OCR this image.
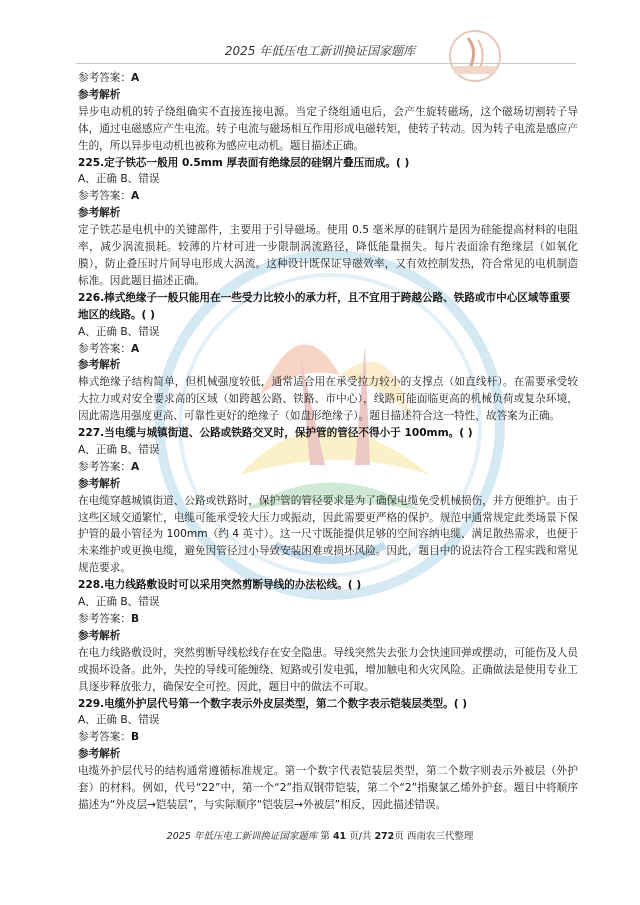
2025 年低压电工新训换证国家题库

参考答案：A

参考解析

异步电动机的转子绕组确实不直接连接电源。当定子绕组通电后，会产生旋转磁场，这个磁场切割转子导体，通过电磁感应产生电流。转子电流与磁场相互作用形成电磁转矩，使转子转动。因为转子电流是感应产生的，所以异步电动机也被称为感应电动机。题目描述正确。

225.定子铁芯一般用 0.5mm 厚表面有绝缘层的硅钢片叠压而成。( )

A、正确 B、错误

参考答案：A

参考解析

定子铁芯是电机中的关键部件，主要用于引导磁场。使用 0.5 毫米厚的硅钢片是因为硅能提高材料的电阻率，减少涡流损耗。较薄的片材可进一步限制涡流路径，降低能量损失。每片表面涂有绝缘层（如氧化膜），防止叠压时片间导电形成大涡流。这种设计既保证导磁效率，又有效控制发热，符合常见的电机制造标准。因此题目描述正确。

226.棒式绝缘子一般只能用在一些受力比较小的承力杆，且不宜用于跨越公路、铁路或市中心区域等重要地区的线路。( )

A、正确 B、错误

参考答案：A

参考解析

棒式绝缘子结构简单，但机械强度较低，通常适合用在承受拉力较小的支撑点（如直线杆）。在需要承受较大拉力或对安全要求高的区域（如跨越公路、铁路、市中心），线路可能面临更高的机械负荷或复杂环境，因此需选用强度更高、可靠性更好的绝缘子（如盘形绝缘子）。题目描述符合这一特性，故答案为正确。

227.当电缆与城镇街道、公路或铁路交叉时，保护管的管径不得小于 100mm。( )

A、正确 B、错误

参考答案：A

参考解析

在电缆穿越城镇街道、公路或铁路时，保护管的管径要求是为了确保电缆免受机械损伤，并方便维护。由于这些区域交通繁忙，电缆可能承受较大压力或振动，因此需要更严格的保护。规范中通常规定此类场景下保护管的最小管径为 100mm（约 4 英寸）。这一尺寸既能提供足够的空间容纳电缆、满足散热需求，也便于未来维护或更换电缆，避免因管径过小导致安装困难或损坏风险。因此，题目中的说法符合工程实践和常见规范要求。

228.电力线路敷设时可以采用突然剪断导线的办法松线。( )

A、正确 B、错误

参考答案：B

参考解析

在电力线路敷设时，突然剪断导线松线存在安全隐患。导线突然失去张力会快速回弹或摆动，可能伤及人员或损坏设备。此外，失控的导线可能缠绕、短路或引发电弧，增加触电和火灾风险。正确做法是使用专业工具逐步释放张力，确保安全可控。因此，题目中的做法不可取。

229.电缆外护层代号第一个数字表示外皮层类型，第二个数字表示铠装层类型。( )

A、正确 B、错误

参考答案：B

参考解析

电缆外护层代号的结构通常遵循标准规定。第一个数字代表铠装层类型，第二个数字则表示外被层（外护套）的材料。例如，代号“22”中，第一个“2”指双钢带铠装，第二个“2”指聚氯乙烯外护套。题目中将顺序描述为“外皮层→铠装层”，与实际顺序“铠装层→外被层”相反，因此描述错误。

2025 年低压电工新训换证国家题库 第 41 页/共 272页 西南农三代整理
